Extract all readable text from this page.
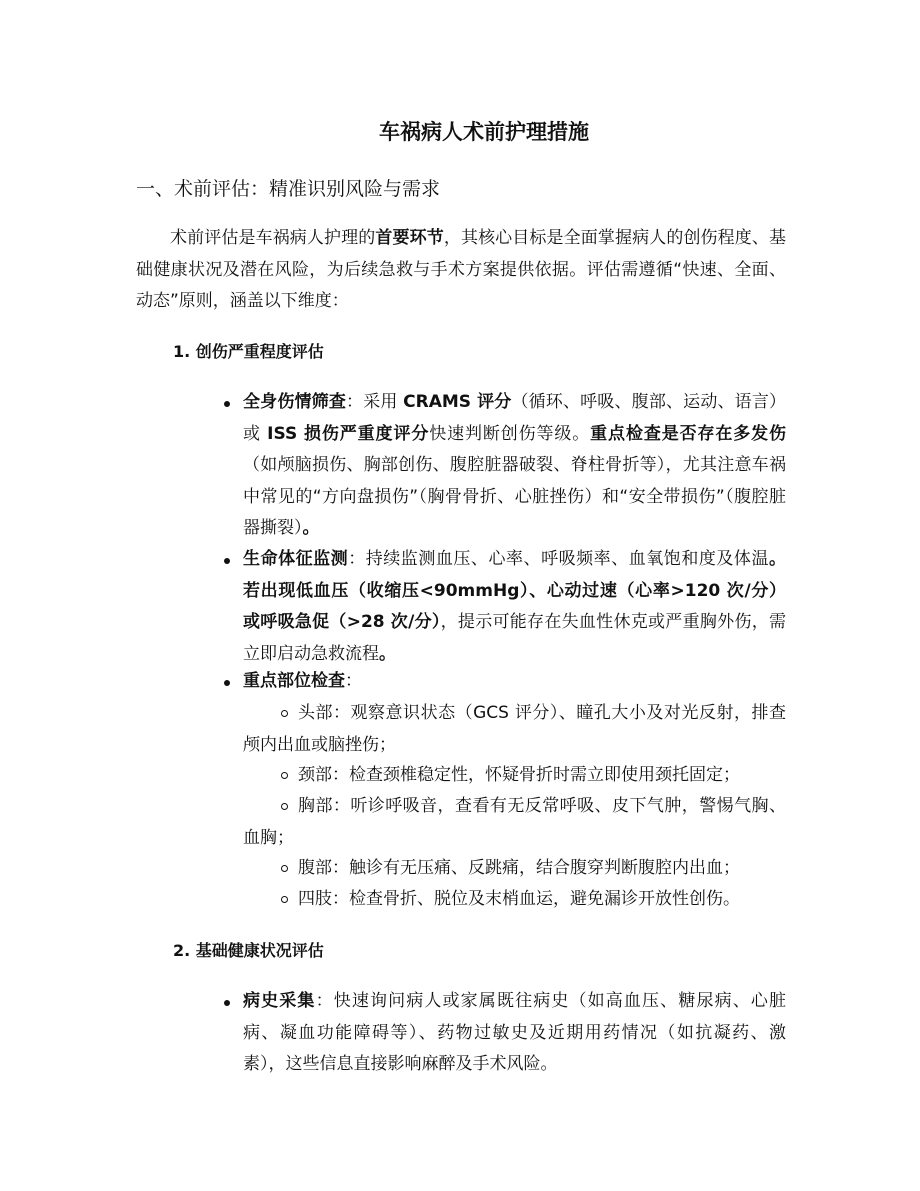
车祸病人术前护理措施
一、术前评估：精准识别风险与需求

术前评估是车祸病人护理的首要环节，其核心目标是全面掌握病人的创伤程度、基础健康状况及潜在风险，为后续急救与手术方案提供依据。评估需遵循“快速、全面、动态”原则，涵盖以下维度：

1. 创伤严重程度评估

全身伤情筛查：采用 CRAMS 评分（循环、呼吸、腹部、运动、语言）或 ISS 损伤严重度评分快速判断创伤等级。重点检查是否存在多发伤（如颅脑损伤、胸部创伤、腹腔脏器破裂、脊柱骨折等），尤其注意车祸中常见的“方向盘损伤”（胸骨骨折、心脏挫伤）和“安全带损伤”（腹腔脏器撕裂）。

生命体征监测：持续监测血压、心率、呼吸频率、血氧饱和度及体温。若出现低血压（收缩压<90mmHg）、心动过速（心率>120 次/分）或呼吸急促（>28 次/分），提示可能存在失血性休克或严重胸外伤，需立即启动急救流程。

重点部位检查：

头部：观察意识状态（GCS 评分）、瞳孔大小及对光反射，排查颅内出血或脑挫伤；

颈部：检查颈椎稳定性，怀疑骨折时需立即使用颈托固定；

胸部：听诊呼吸音，查看有无反常呼吸、皮下气肿，警惕气胸、血胸；

腹部：触诊有无压痛、反跳痛，结合腹穿判断腹腔内出血；

四肢：检查骨折、脱位及末梢血运，避免漏诊开放性创伤。

2. 基础健康状况评估

病史采集：快速询问病人或家属既往病史（如高血压、糖尿病、心脏病、凝血功能障碍等）、药物过敏史及近期用药情况（如抗凝药、激素），这些信息直接影响麻醉及手术风险。
